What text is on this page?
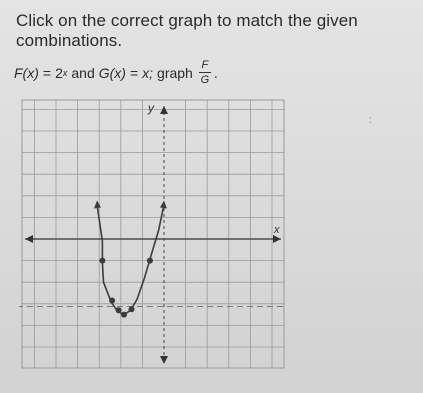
Click on the correct graph to match the given combinations.
F(x) = 2 x and G(x) = x; graph $\frac{F}{G}$ .
x
y
:
